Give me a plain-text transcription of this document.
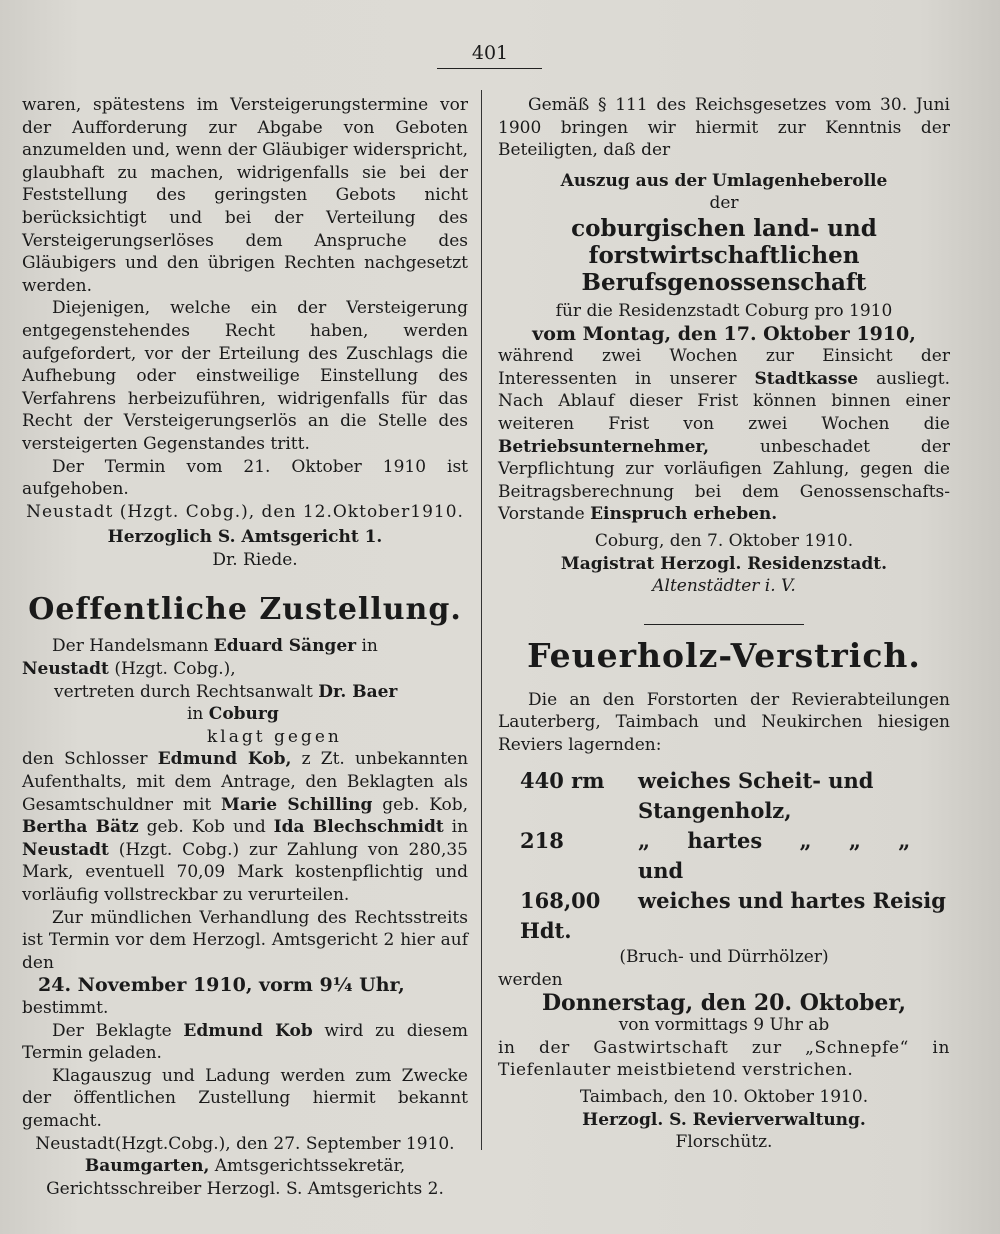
401

waren, spätestens im Versteigerungstermine vor der Aufforderung zur Abgabe von Geboten anzumelden und, wenn der Gläubiger widerspricht, glaubhaft zu machen, widrigenfalls sie bei der Feststellung des geringsten Gebots nicht berücksichtigt und bei der Verteilung des Versteigerungserlöses dem Anspruche des Gläubigers und den übrigen Rechten nachgesetzt werden.

Diejenigen, welche ein der Versteigerung entgegenstehendes Recht haben, werden aufgefordert, vor der Erteilung des Zuschlags die Aufhebung oder einstweilige Einstellung des Verfahrens herbeizuführen, widrigenfalls für das Recht der Versteigerungserlös an die Stelle des versteigerten Gegenstandes tritt.

Der Termin vom 21. Oktober 1910 ist aufgehoben.

Neustadt (Hzgt. Cobg.), den 12.Oktober1910.

Herzoglich S. Amtsgericht 1.

Dr. Riede.

Oeffentliche Zustellung.

Der Handelsmann Eduard Sänger in

Neustadt (Hzgt. Cobg.),

vertreten durch Rechtsanwalt Dr. Baer

in Coburg

klagt gegen

den Schlosser Edmund Kob, z Zt. unbekannten Aufenthalts, mit dem Antrage, den Beklagten als Gesamtschuldner mit Marie Schilling geb. Kob, Bertha Bätz geb. Kob und Ida Blechschmidt in Neustadt (Hzgt. Cobg.) zur Zahlung von 280,35 Mark, eventuell 70,09 Mark kostenpflichtig und vorläufig vollstreckbar zu verurteilen.

Zur mündlichen Verhandlung des Rechtsstreits ist Termin vor dem Herzogl. Amtsgericht 2 hier auf den

24. November 1910, vorm 9¼ Uhr,

bestimmt.

Der Beklagte Edmund Kob wird zu diesem Termin geladen.

Klagauszug und Ladung werden zum Zwecke der öffentlichen Zustellung hiermit bekannt gemacht.

Neustadt(Hzgt.Cobg.), den 27. September 1910.

Baumgarten, Amtsgerichtssekretär,

Gerichtsschreiber Herzogl. S. Amtsgerichts 2.

Gemäß § 111 des Reichsgesetzes vom 30. Juni 1900 bringen wir hiermit zur Kenntnis der Beteiligten, daß der

Auszug aus der Umlagenheberolle

der

coburgischen land- und forstwirtschaftlichen

Berufsgenossenschaft

für die Residenzstadt Coburg pro 1910

vom Montag, den 17. Oktober 1910,

während zwei Wochen zur Einsicht der Interessenten in unserer Stadtkasse ausliegt. Nach Ablauf dieser Frist können binnen einer weiteren Frist von zwei Wochen die Betriebsunternehmer,	unbeschadet der Verpflichtung zur vorläufigen Zahlung, gegen die Beitragsberechnung bei dem Genossenschafts-Vorstande Einspruch erheben.

Coburg, den 7. Oktober 1910.

Magistrat Herzogl. Residenzstadt.

Altenstädter i. V.

Feuerholz-Verstrich.

Die an den Forstorten der Revierabteilungen Lauterberg, Taimbach und Neukirchen hiesigen Reviers lagernden:

440 rm	weiches Scheit- und Stangenholz,
218	„ hartes „ „ „ und
168,00 Hdt.	weiches und hartes Reisig

(Bruch- und Dürrhölzer)

werden

Donnerstag, den 20. Oktober,

von vormittags 9 Uhr ab

in der Gastwirtschaft zur „Schnepfe“ in Tiefenlauter meistbietend verstrichen.

Taimbach, den 10. Oktober 1910.

Herzogl. S. Revierverwaltung.

Florschütz.
